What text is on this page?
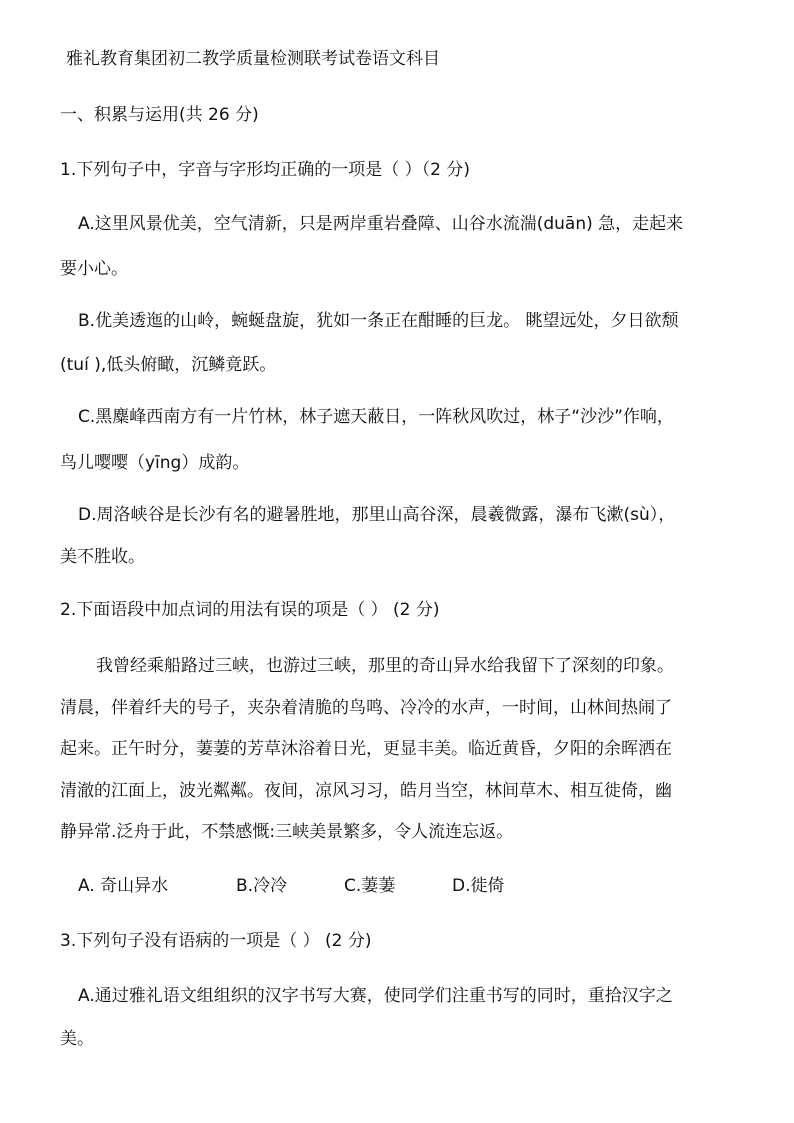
雅礼教育集团初二教学质量检测联考试卷语文科目
一、积累与运用(共 26 分)
1.下列句子中，字音与字形均正确的一项是（ ）（2 分)
A.这里风景优美，空气清新，只是两岸重岩叠障、山谷水流湍(duān) 急，走起来
要小心。
B.优美透迤的山岭，蜿蜒盘旋，犹如一条正在酣睡的巨龙。 眺望远处，夕日欲颓
(tuí ),低头俯瞰，沉鳞竟跃。
C.黑麋峰西南方有一片竹林，林子遮天蔽日，一阵秋风吹过，林子“沙沙”作响，
鸟儿嘤嘤（yīng）成韵。
D.周洛峡谷是长沙有名的避暑胜地，那里山高谷深，晨羲微露，瀑布飞漱(sù），
美不胜收。
2.下面语段中加点词的用法有误的项是（ ） (2 分)
我曾经乘船路过三峡，也游过三峡，那里的奇山异水给我留下了深刻的印象。
清晨，伴着纤夫的号子，夹杂着清脆的鸟鸣、冷冷的水声，一时间，山林间热闹了
起来。正午时分，萋萋的芳草沐浴着日光，更显丰美。临近黄昏，夕阳的余晖洒在
清澈的江面上，波光粼粼。夜间，凉风习习，皓月当空，林间草木、相互徙倚，幽
静异常.泛舟于此，不禁感慨:三峡美景繁多，令人流连忘返。
A. 奇山异水	B.冷冷	C.萋萋	D.徙倚
3.下列句子没有语病的一项是（ ） (2 分)
A.通过雅礼语文组组织的汉字书写大赛，使同学们注重书写的同时，重拾汉字之
美。
